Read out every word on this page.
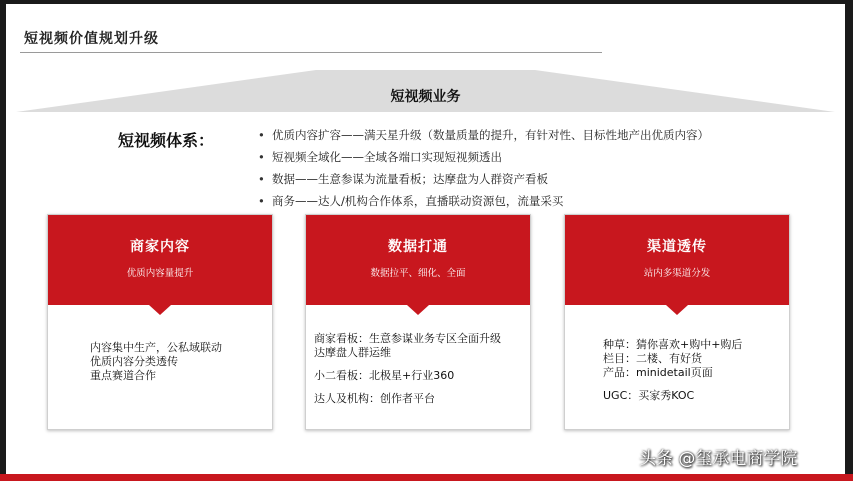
短视频价值规划升级
短视频业务
短视频体系：
•	优质内容扩容——满天星升级（数量质量的提升，有针对性、目标性地产出优质内容）
• 短视频全域化——全域各端口实现短视频透出
• 数据——生意参谋为流量看板；达摩盘为人群资产看板
• 商务——达人/机构合作体系，直播联动资源包，流量采买
商家内容
优质内容量提升

内容集中生产，公私域联动

优质内容分类透传

重点赛道合作

数据打通
数据拉平、细化、全面

商家看板：生意参谋业务专区全面升级

达摩盘人群运维

小二看板：北极星+行业360

达人及机构：创作者平台

渠道透传
站内多渠道分发

种草：猜你喜欢+购中+购后

栏目：二楼、有好货

产品：minidetail页面

UGC：买家秀KOC

头条 @玺承电商学院
